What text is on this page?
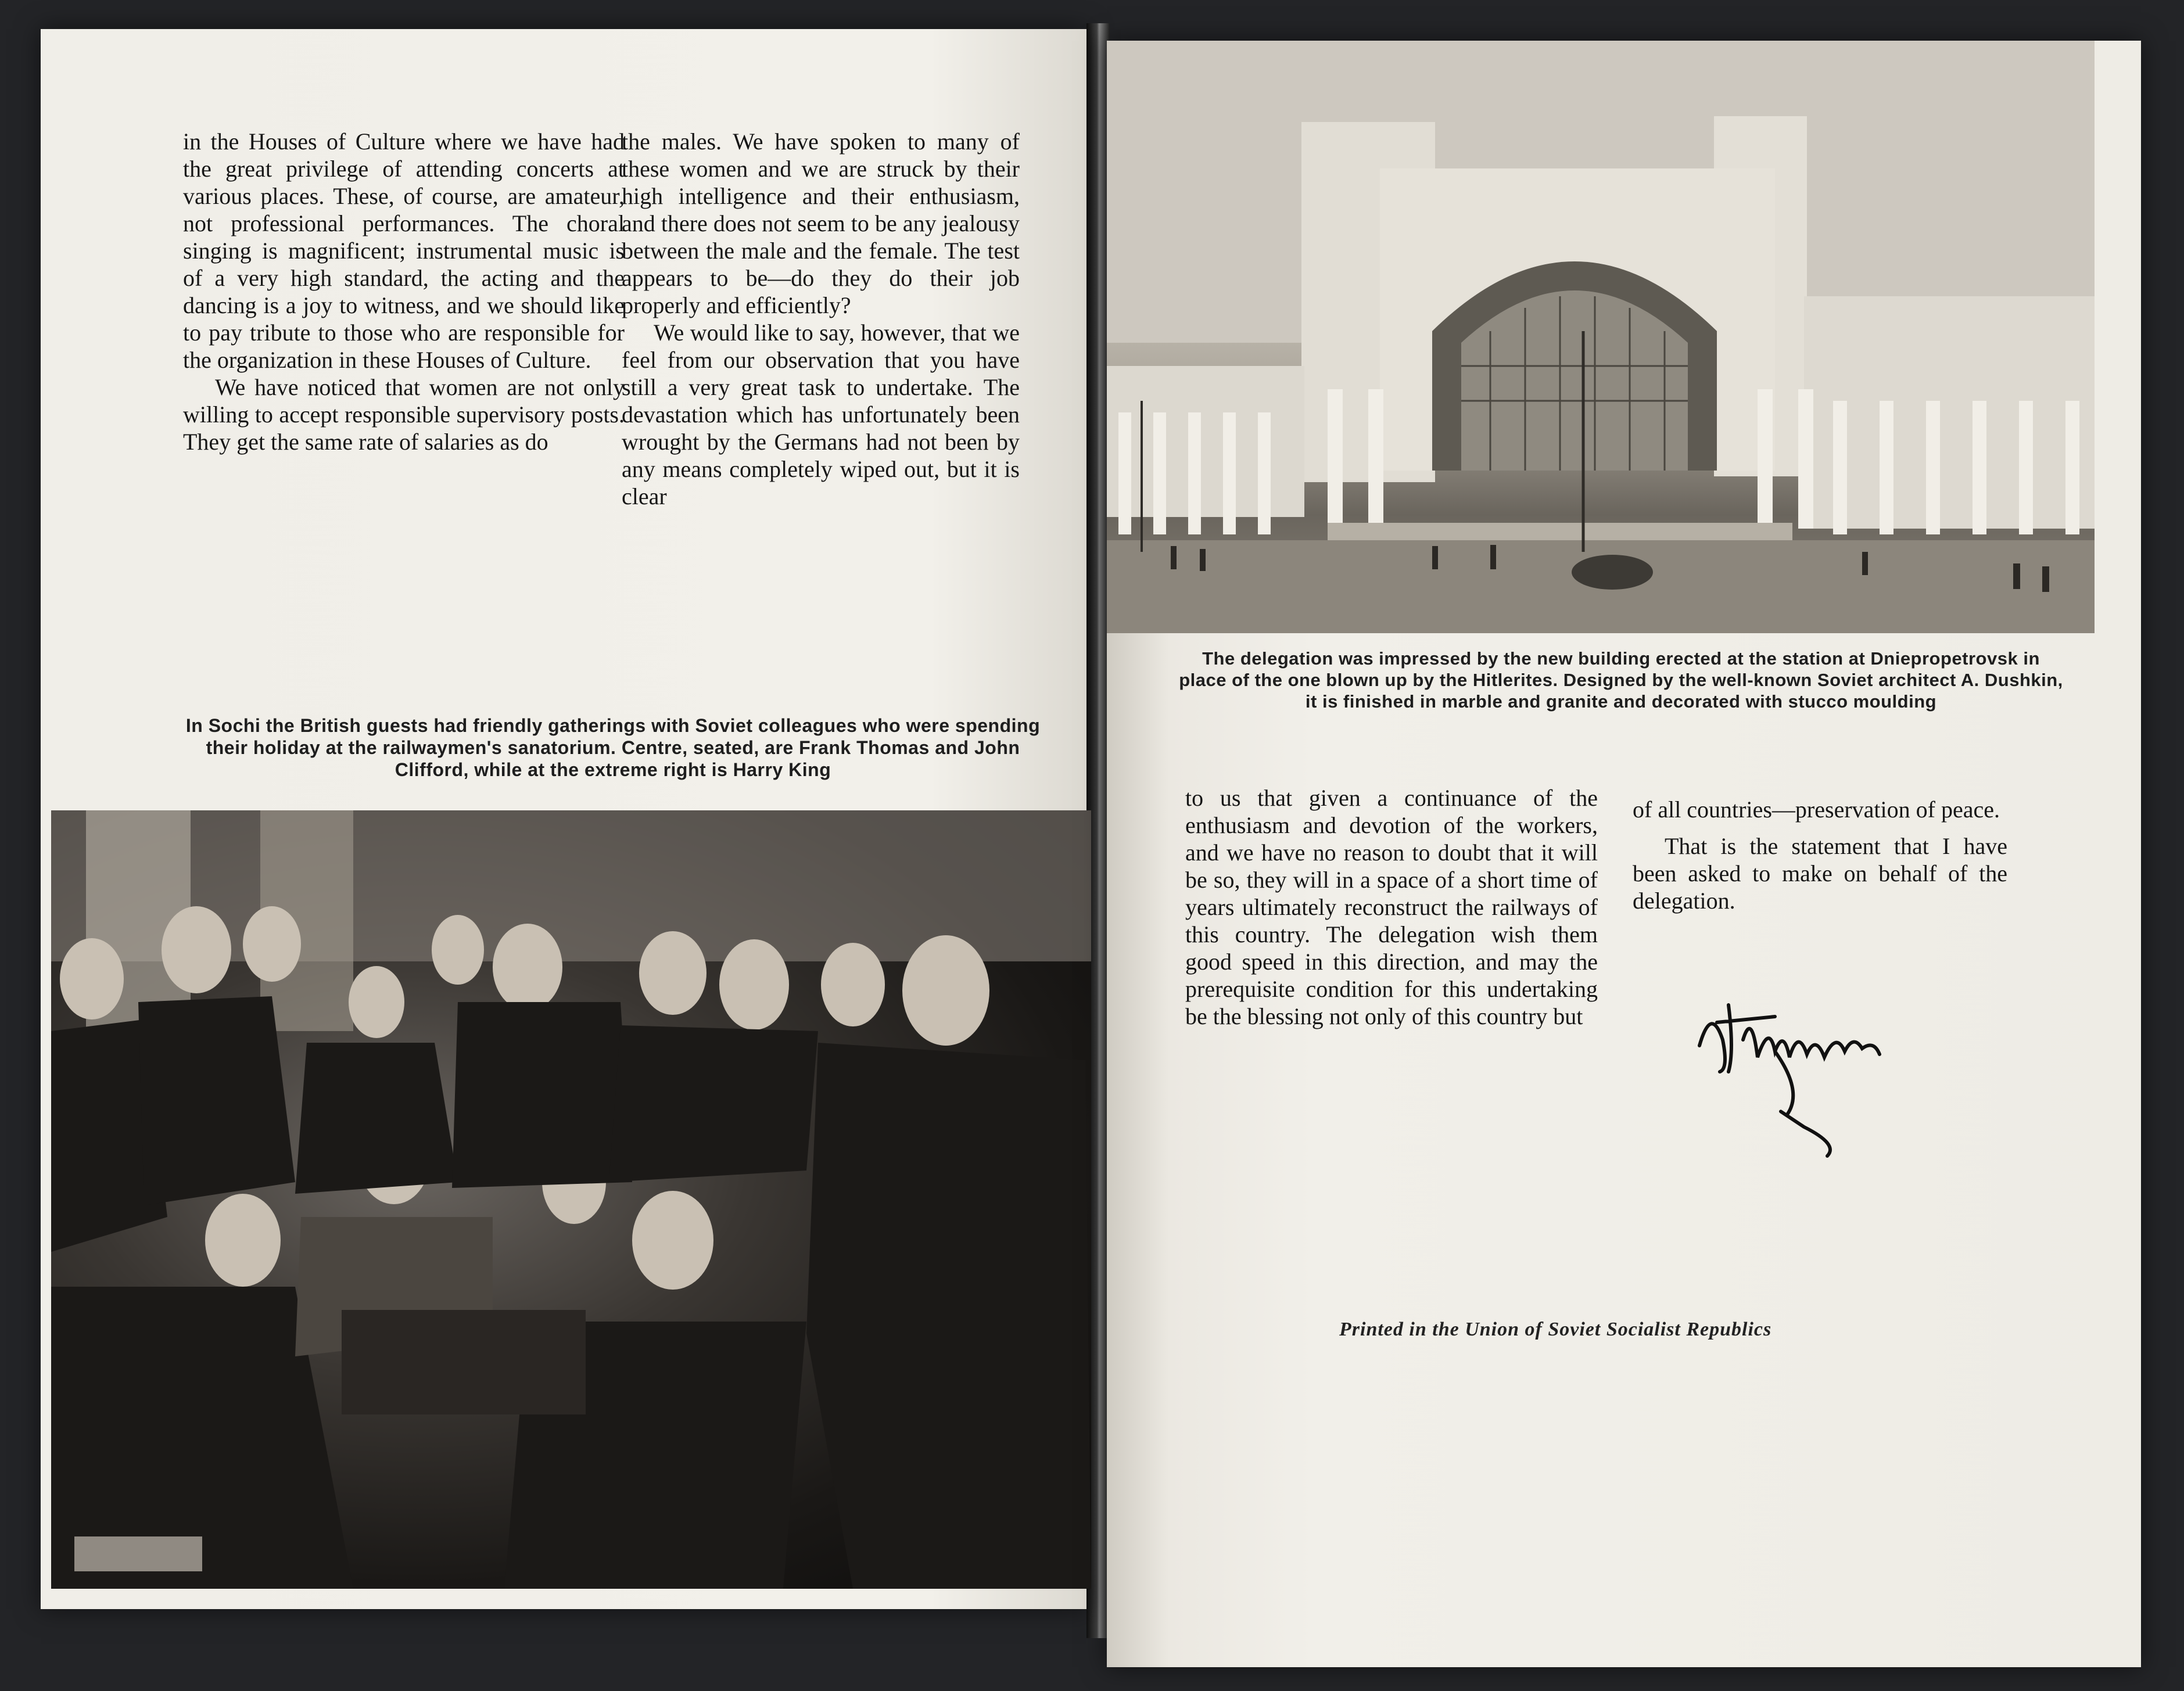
in the Houses of Culture where we have had the great privilege of attending concerts at various places. These, of course, are amateur, not professional performances. The choral singing is magnificent; instrumental music is of a very high standard, the acting and the dancing is a joy to witness, and we should like to pay tribute to those who are responsible for the organization in these Houses of Culture.

We have noticed that women are not only willing to accept responsible supervisory posts. They get the same rate of salaries as do

the males. We have spoken to many of these women and we are struck by their high intelligence and their enthusiasm, and there does not seem to be any jealousy between the male and the female. The test appears to be—do they do their job properly and efficiently?

We would like to say, however, that we feel from our observation that you have still a very great task to undertake. The devastation which has unfortunately been wrought by the Germans had not been by any means completely wiped out, but it is clear

In Sochi the British guests had friendly gatherings with Soviet colleagues who were spending their holiday at the railwaymen's sanatorium. Centre, seated, are Frank Thomas and John Clifford, while at the extreme right is Harry King
The delegation was impressed by the new building erected at the station at Dniepropetrovsk in place of the one blown up by the Hitlerites. Designed by the well-known Soviet architect A. Dushkin, it is finished in marble and granite and decorated with stucco moulding

to us that given a continuance of the enthusiasm and devotion of the workers, and we have no reason to doubt that it will be so, they will in a space of a short time of years ultimately reconstruct the railways of this country. The delegation wish them good speed in this direction, and may the prerequisite condition for this undertaking be the blessing not only of this country but

of all countries—preservation of peace.

That is the statement that I have been asked to make on behalf of the delegation.

Printed in the Union of Soviet Socialist Republics
